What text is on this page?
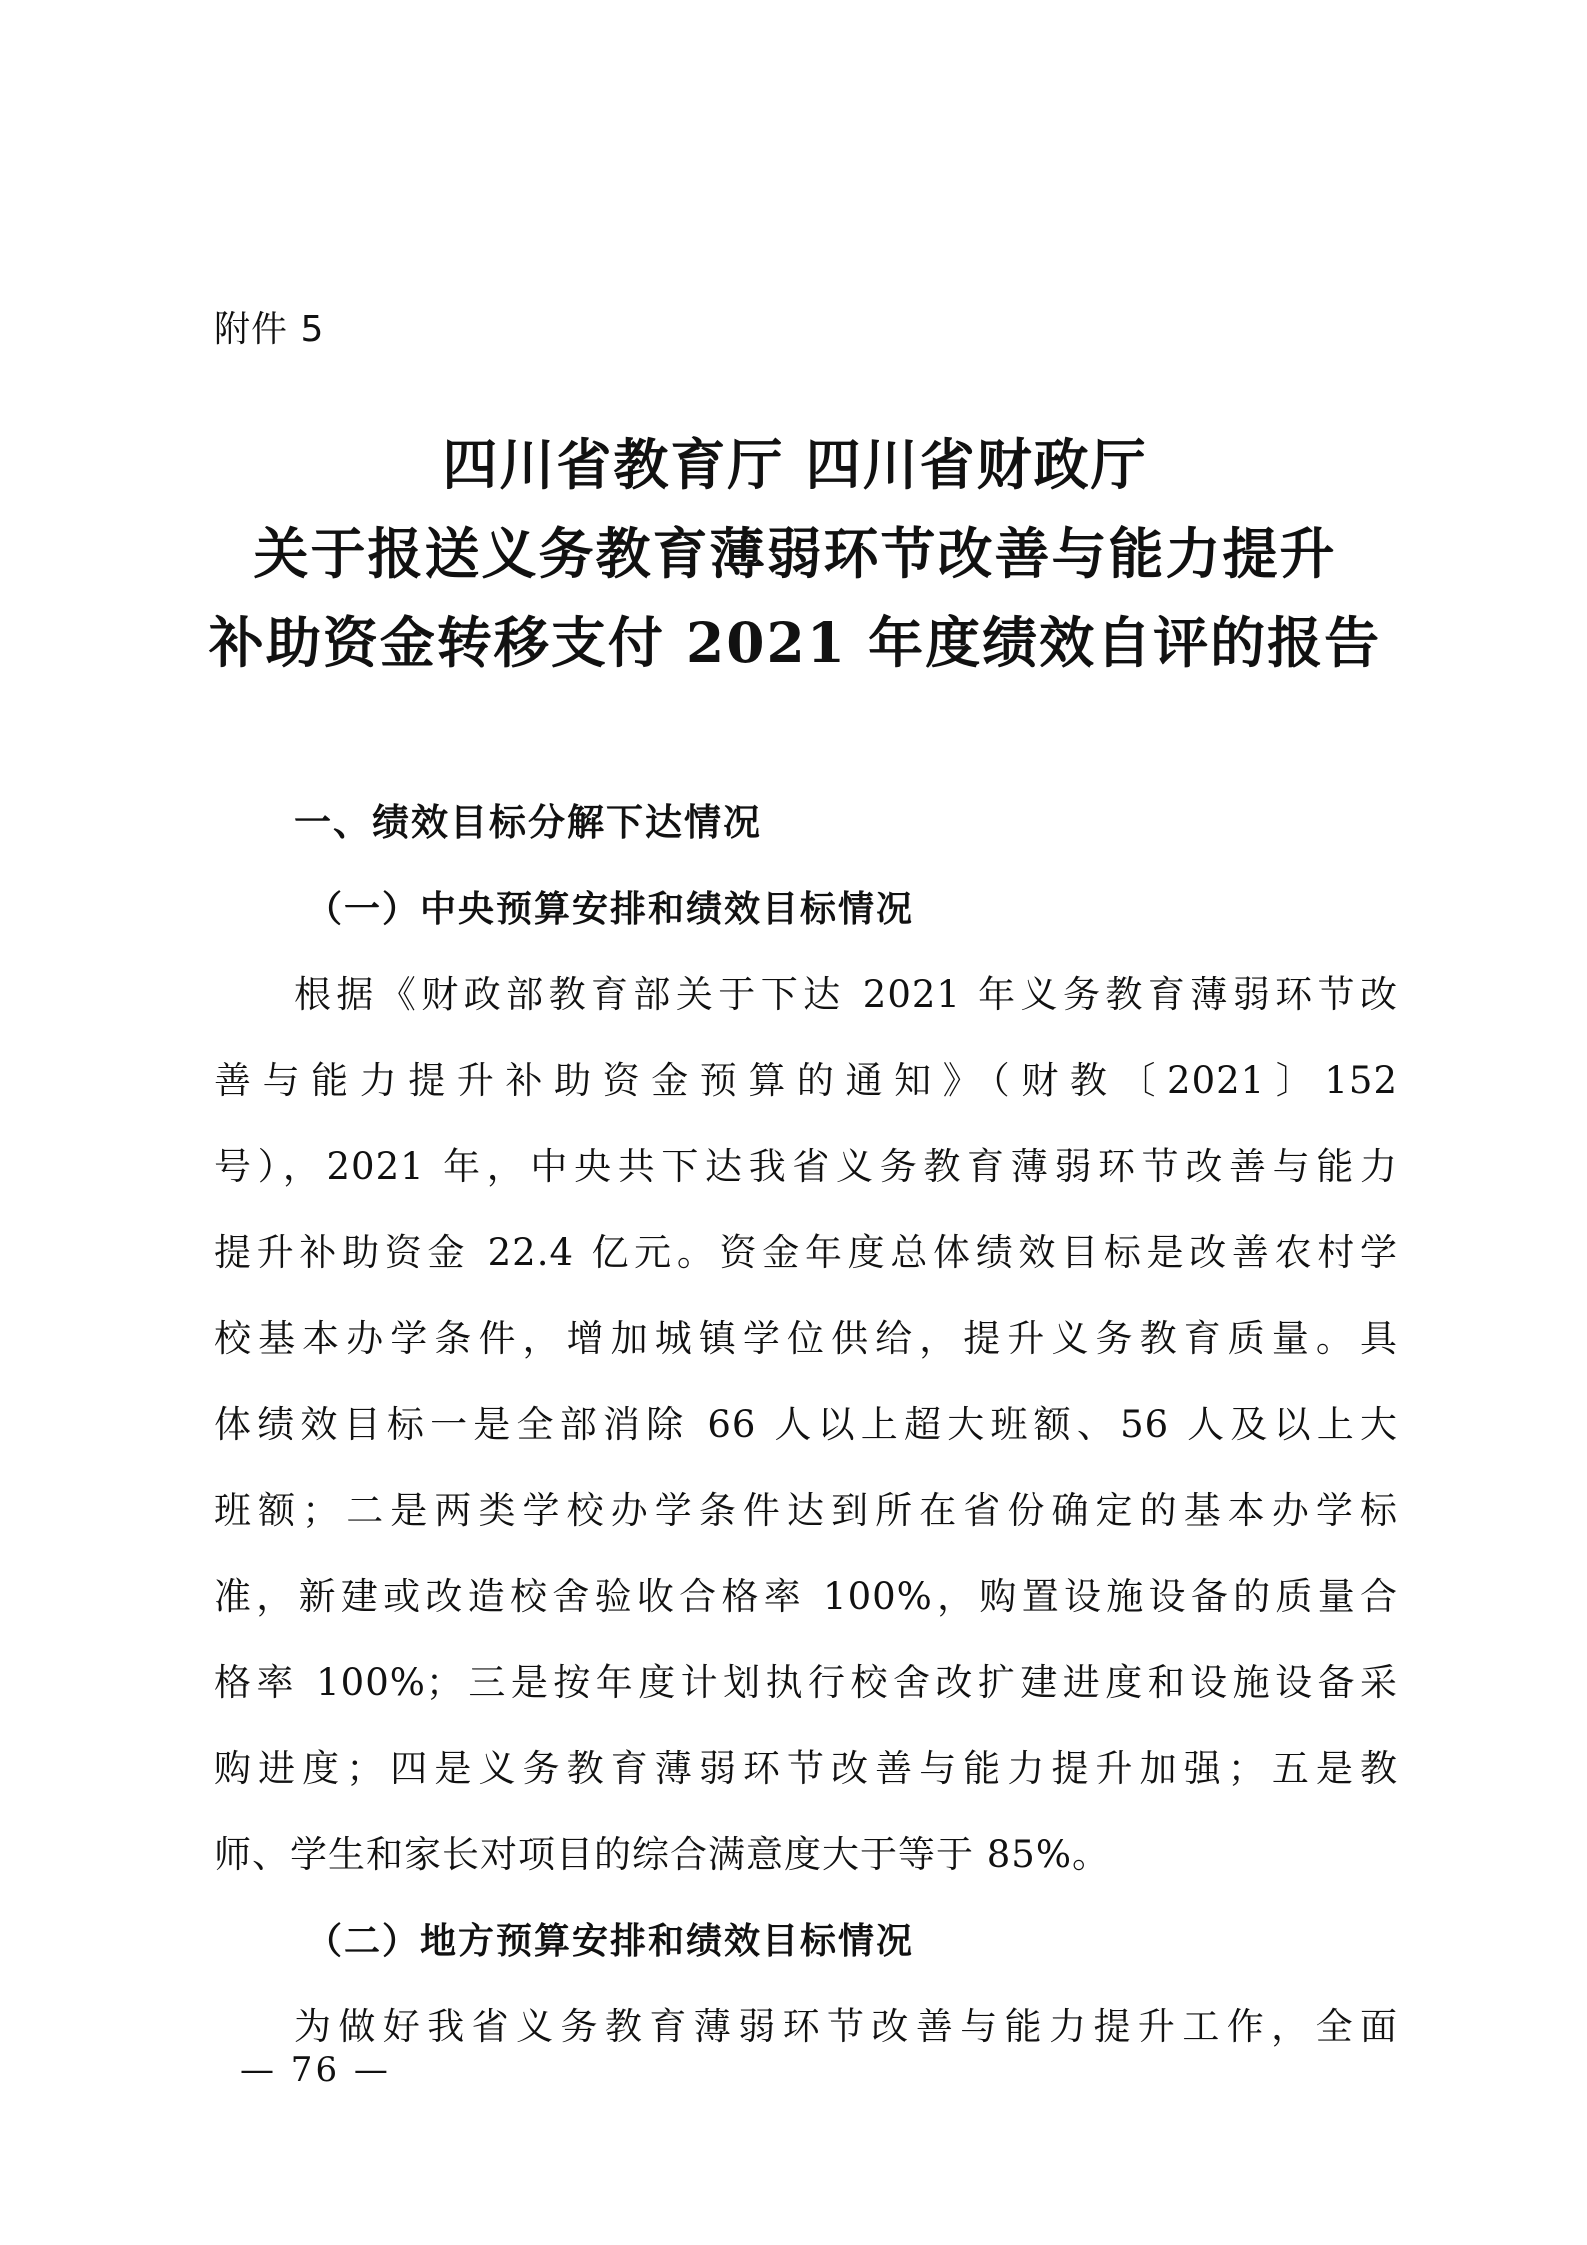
附件 5

四川省教育厅 四川省财政厅
关于报送义务教育薄弱环节改善与能力提升
补助资金转移支付 2021 年度绩效自评的报告
一、绩效目标分解下达情况
（一）中央预算安排和绩效目标情况

根据《财政部教育部关于下达 2021 年义务教育薄弱环节改
善与能力提升补助资金预算的通知》（财教〔2021〕152
号），2021 年，中央共下达我省义务教育薄弱环节改善与能力
提升补助资金 22.4 亿元。资金年度总体绩效目标是改善农村学
校基本办学条件，增加城镇学位供给，提升义务教育质量。具
体绩效目标一是全部消除 66 人以上超大班额、56 人及以上大
班额；二是两类学校办学条件达到所在省份确定的基本办学标
准，新建或改造校舍验收合格率 100%，购置设施设备的质量合
格率 100%；三是按年度计划执行校舍改扩建进度和设施设备采
购进度；四是义务教育薄弱环节改善与能力提升加强；五是教
师、学生和家长对项目的综合满意度大于等于 85%。

（二）地方预算安排和绩效目标情况

为做好我省义务教育薄弱环节改善与能力提升工作，全面

— 76 —
